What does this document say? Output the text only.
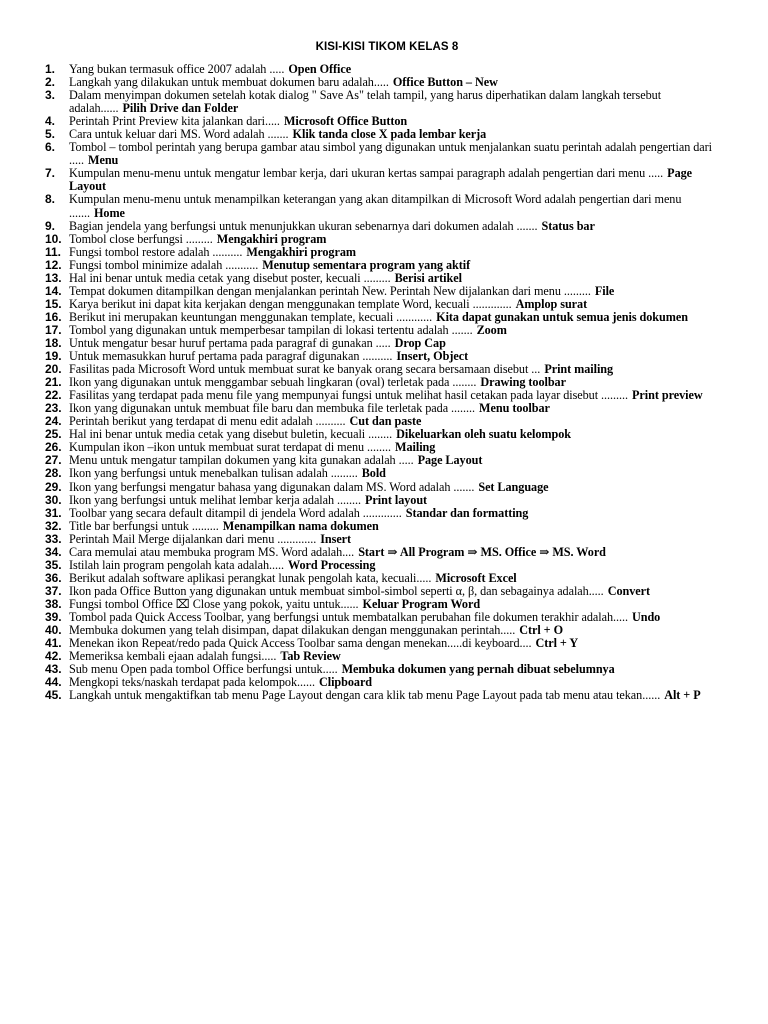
KISI-KISI TIKOM KELAS 8
1. Yang bukan termasuk office 2007 adalah ..... Open Office
2. Langkah yang dilakukan untuk membuat dokumen baru adalah..... Office Button – New
3. Dalam menyimpan dokumen setelah kotak dialog " Save As" telah tampil, yang harus diperhatikan dalam langkah tersebut adalah...... Pilih Drive dan Folder
4. Perintah Print Preview kita jalankan dari..... Microsoft Office Button
5. Cara untuk keluar dari MS. Word adalah ....... Klik tanda close X pada lembar kerja
6. Tombol – tombol perintah yang berupa gambar atau simbol yang digunakan untuk menjalankan suatu perintah adalah pengertian dari ..... Menu
7. Kumpulan menu-menu untuk mengatur lembar kerja, dari ukuran kertas sampai paragraph adalah pengertian dari menu ..... Page Layout
8. Kumpulan menu-menu untuk menampilkan keterangan yang akan ditampilkan di Microsoft Word adalah pengertian dari menu ....... Home
9. Bagian jendela yang berfungsi untuk menunjukkan ukuran sebenarnya dari dokumen adalah ....... Status bar
10. Tombol close berfungsi ......... Mengakhiri program
11. Fungsi tombol restore adalah .......... Mengakhiri program
12. Fungsi tombol minimize adalah ........... Menutup sementara program yang aktif
13. Hal ini benar untuk media cetak yang disebut poster, kecuali ......... Berisi artikel
14. Tempat dokumen ditampilkan dengan menjalankan perintah New. Perintah New dijalankan dari menu ......... File
15. Karya berikut ini dapat kita kerjakan dengan menggunakan template Word, kecuali ............. Amplop surat
16. Berikut ini merupakan keuntungan menggunakan template, kecuali ............ Kita dapat gunakan untuk semua jenis dokumen
17. Tombol yang digunakan untuk memperbesar tampilan di lokasi tertentu adalah ....... Zoom
18. Untuk mengatur besar huruf pertama pada paragraf di gunakan ..... Drop Cap
19. Untuk memasukkan huruf pertama pada paragraf digunakan .......... Insert, Object
20. Fasilitas pada Microsoft Word untuk membuat surat ke banyak orang secara bersamaan disebut ... Print mailing
21. Ikon yang digunakan untuk menggambar sebuah lingkaran (oval) terletak pada ........ Drawing toolbar
22. Fasilitas yang terdapat pada menu file yang mempunyai fungsi untuk melihat hasil cetakan pada layar disebut ......... Print preview
23. Ikon yang digunakan untuk membuat file baru dan membuka file terletak pada ........ Menu toolbar
24. Perintah berikut yang terdapat di menu edit adalah .......... Cut dan paste
25. Hal ini benar untuk media cetak yang disebut buletin, kecuali ........ Dikeluarkan oleh suatu kelompok
26. Kumpulan ikon –ikon untuk membuat surat terdapat di menu ........ Mailing
27. Menu untuk mengatur tampilan dokumen yang kita gunakan adalah ..... Page Layout
28. Ikon yang berfungsi untuk menebalkan tulisan adalah ......... Bold
29. Ikon yang berfungsi mengatur bahasa yang digunakan dalam MS. Word adalah ....... Set Language
30. Ikon yang berfungsi untuk melihat lembar kerja adalah ........ Print layout
31. Toolbar yang secara default ditampil di jendela Word adalah ............. Standar dan formatting
32. Title bar berfungsi untuk ......... Menampilkan nama dokumen
33. Perintah Mail Merge dijalankan dari menu ............. Insert
34. Cara memulai atau membuka program MS. Word adalah.... Start ⇒ All Program ⇒ MS. Office ⇒ MS. Word
35. Istilah lain program pengolah kata adalah..... Word Processing
36. Berikut adalah software aplikasi perangkat lunak pengolah kata, kecuali..... Microsoft Excel
37. Ikon pada Office Button yang digunakan untuk membuat simbol-simbol seperti α, β, dan sebagainya adalah..... Convert
38. Fungsi tombol Office ⌧ Close yang pokok, yaitu untuk...... Keluar Program Word
39. Tombol pada Quick Access Toolbar, yang berfungsi untuk membatalkan perubahan file dokumen terakhir adalah..... Undo
40. Membuka dokumen yang telah disimpan, dapat dilakukan dengan menggunakan perintah..... Ctrl + O
41. Menekan ikon Repeat/redo pada Quick Access Toolbar sama dengan menekan.....di keyboard.... Ctrl + Y
42. Memeriksa kembali ejaan adalah fungsi..... Tab Review
43. Sub menu Open pada tombol Office berfungsi untuk..... Membuka dokumen yang pernah dibuat sebelumnya
44. Mengkopi teks/naskah terdapat pada kelompok...... Clipboard
45. Langkah untuk mengaktifkan tab menu Page Layout dengan cara klik tab menu Page Layout pada tab menu atau tekan...... Alt + P
